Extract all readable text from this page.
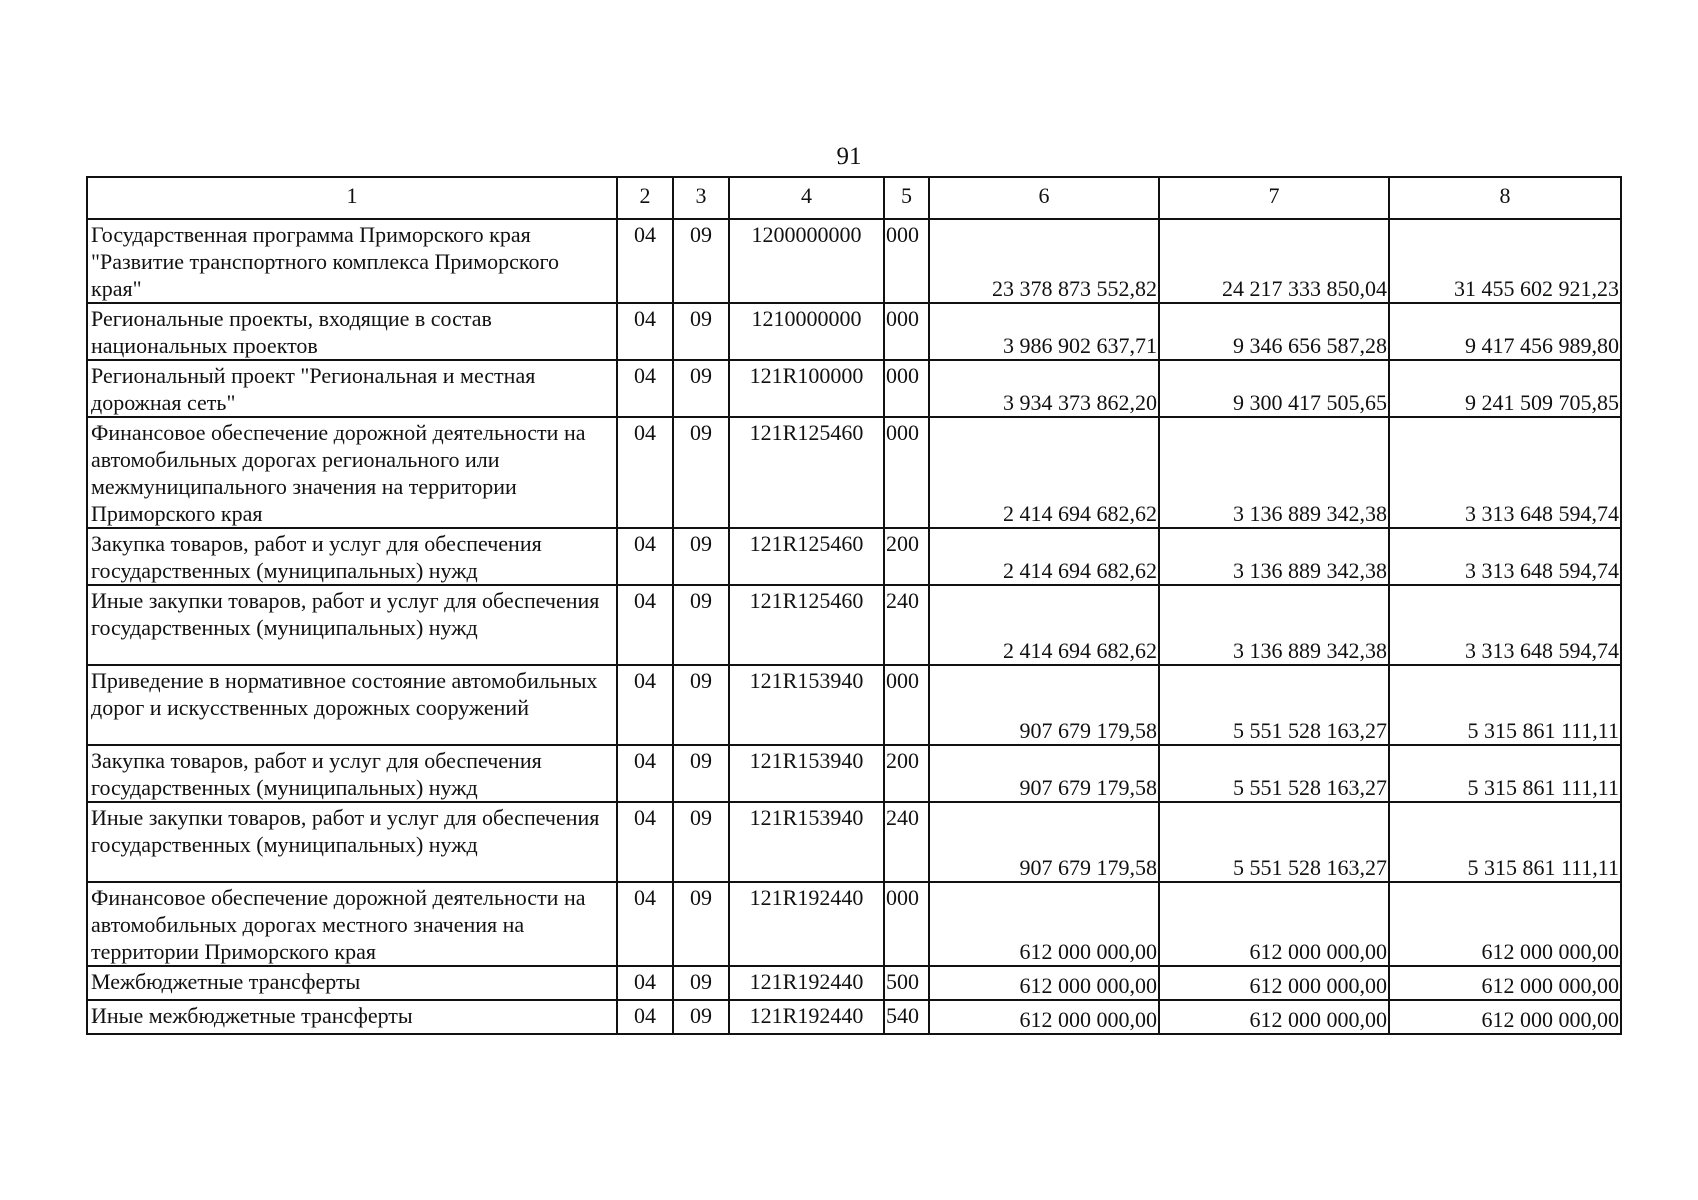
91
1	2	3	4	5	6	7	8
Государственная программа Приморского края "Развитие транспортного комплекса Приморского края"	04	09	1200000000	000	23 378 873 552,82	24 217 333 850,04	31 455 602 921,23
Региональные проекты, входящие в состав национальных проектов	04	09	1210000000	000	3 986 902 637,71	9 346 656 587,28	9 417 456 989,80
Региональный проект "Региональная и местная дорожная сеть"	04	09	121R100000	000	3 934 373 862,20	9 300 417 505,65	9 241 509 705,85
Финансовое обеспечение дорожной деятельности на автомобильных дорогах регионального или межмуниципального значения на территории Приморского края	04	09	121R125460	000	2 414 694 682,62	3 136 889 342,38	3 313 648 594,74
Закупка товаров, работ и услуг для обеспечения государственных (муниципальных) нужд	04	09	121R125460	200	2 414 694 682,62	3 136 889 342,38	3 313 648 594,74
Иные закупки товаров, работ и услуг для обеспечения государственных (муниципальных) нужд	04	09	121R125460	240	2 414 694 682,62	3 136 889 342,38	3 313 648 594,74
Приведение в нормативное состояние автомобильных дорог и искусственных дорожных сооружений	04	09	121R153940	000	907 679 179,58	5 551 528 163,27	5 315 861 111,11
Закупка товаров, работ и услуг для обеспечения государственных (муниципальных) нужд	04	09	121R153940	200	907 679 179,58	5 551 528 163,27	5 315 861 111,11
Иные закупки товаров, работ и услуг для обеспечения государственных (муниципальных) нужд	04	09	121R153940	240	907 679 179,58	5 551 528 163,27	5 315 861 111,11
Финансовое обеспечение дорожной деятельности на автомобильных дорогах местного значения на территории Приморского края	04	09	121R192440	000	612 000 000,00	612 000 000,00	612 000 000,00
Межбюджетные трансферты	04	09	121R192440	500	612 000 000,00	612 000 000,00	612 000 000,00
Иные межбюджетные трансферты	04	09	121R192440	540	612 000 000,00	612 000 000,00	612 000 000,00
